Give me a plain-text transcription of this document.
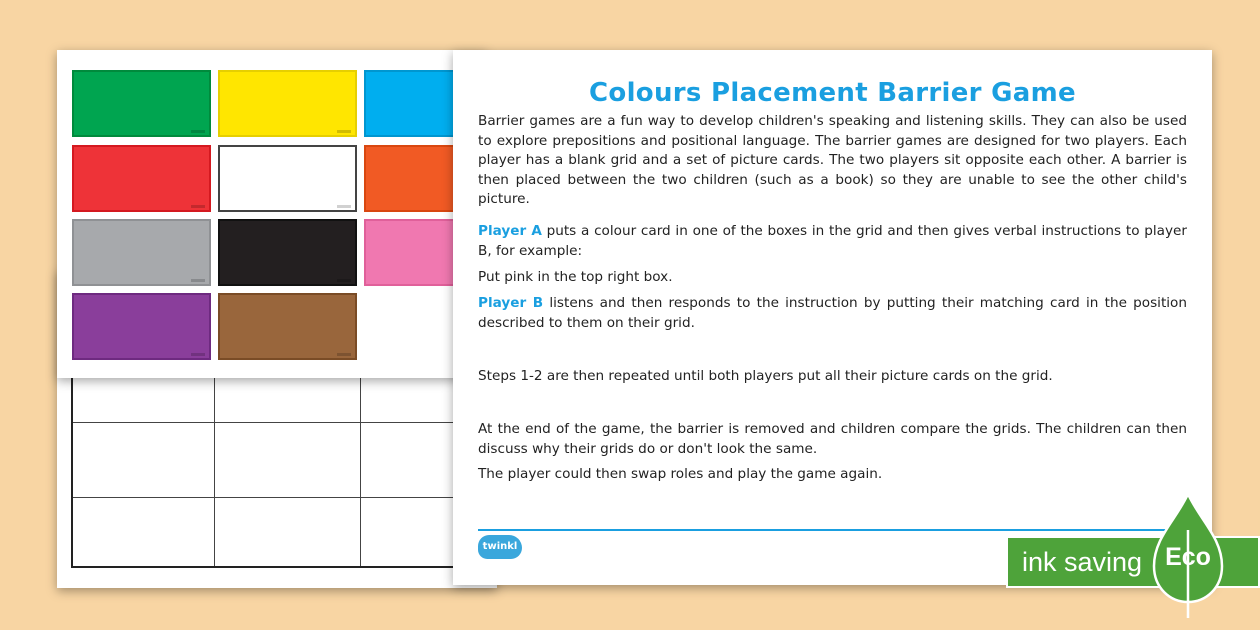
Colours Placement Barrier Game

Barrier games are a fun way to develop children's speaking and listening skills. They can also be used to explore prepositions and positional language. The barrier games are designed for two players. Each player has a blank grid and a set of picture cards. The two players sit opposite each other. A barrier is then placed between the two children (such as a book) so they are unable to see the other child's picture.

Player A puts a colour card in one of the boxes in the grid and then gives verbal instructions to player B, for example:

Put pink in the top right box.

Player B listens and then responds to the instruction by putting their matching card in the position described to them on their grid.

Steps 1-2 are then repeated until both players put all their picture cards on the grid.

At the end of the game, the barrier is removed and children compare the grids. The children can then discuss why their grids do or don't look the same.

The player could then swap roles and play the game again.

twinkl
ink saving Eco
